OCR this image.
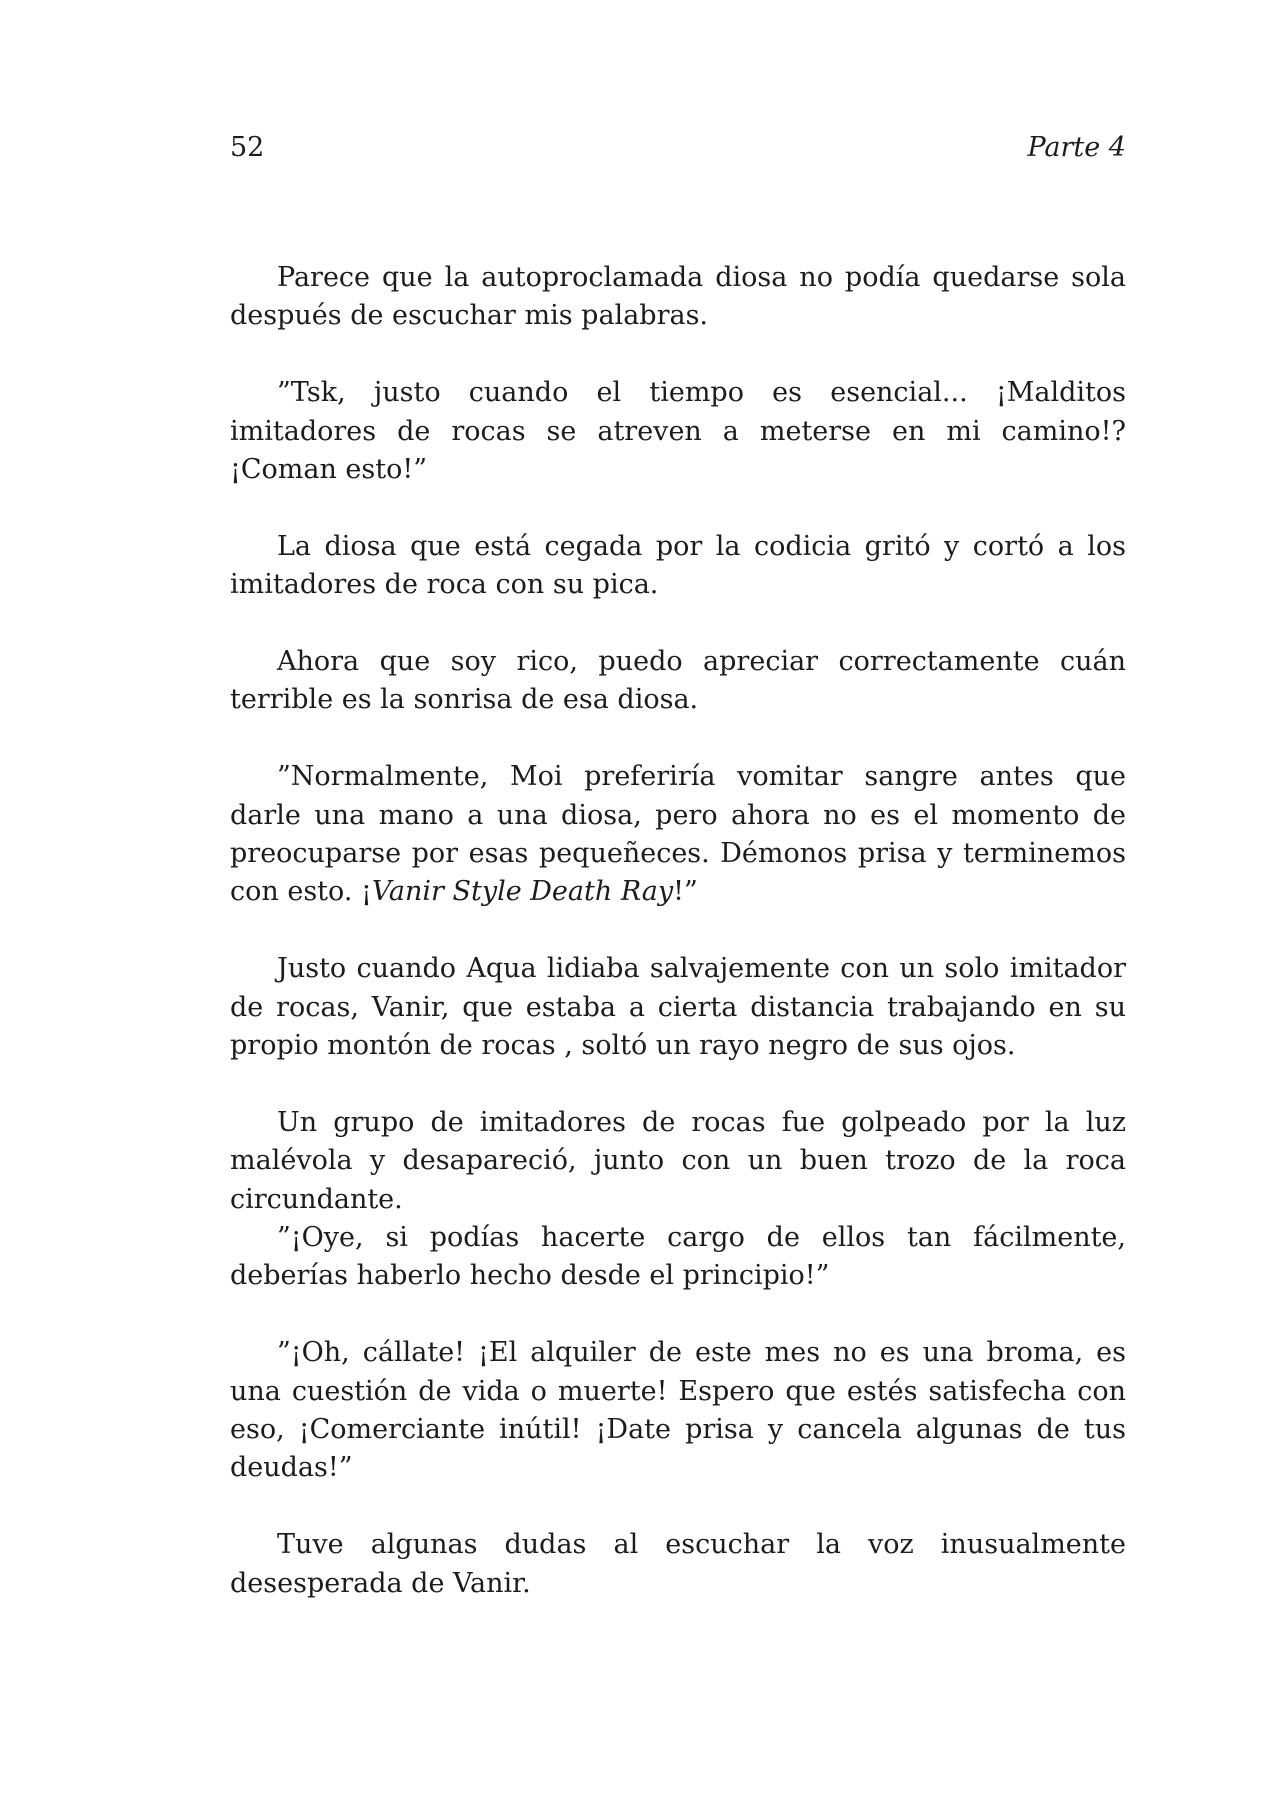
52	Parte 4

Parece que la autoproclamada diosa no podía quedarse sola después de escuchar mis palabras.

”Tsk, justo cuando el tiempo es esencial... ¡Malditos imitadores de rocas se atreven a meterse en mi camino!? ¡Coman esto!”

La diosa que está cegada por la codicia gritó y cortó a los imitadores de roca con su pica.

Ahora que soy rico, puedo apreciar correctamente cuán terrible es la sonrisa de esa diosa.

”Normalmente, Moi preferiría vomitar sangre antes que darle una mano a una diosa, pero ahora no es el momento de preocuparse por esas pequeñeces. Démonos prisa y terminemos con esto. ¡Vanir Style Death Ray!”

Justo cuando Aqua lidiaba salvajemente con un solo imitador de rocas, Vanir, que estaba a cierta distancia trabajando en su propio montón de rocas , soltó un rayo negro de sus ojos.

Un grupo de imitadores de rocas fue golpeado por la luz malévola y desapareció, junto con un buen trozo de la roca circundante.

”¡Oye, si podías hacerte cargo de ellos tan fácilmente, deberías haberlo hecho desde el principio!”

”¡Oh, cállate! ¡El alquiler de este mes no es una broma, es una cuestión de vida o muerte! Espero que estés satisfecha con eso, ¡Comerciante inútil! ¡Date prisa y cancela algunas de tus deudas!”

Tuve algunas dudas al escuchar la voz inusualmente desesperada de Vanir.
